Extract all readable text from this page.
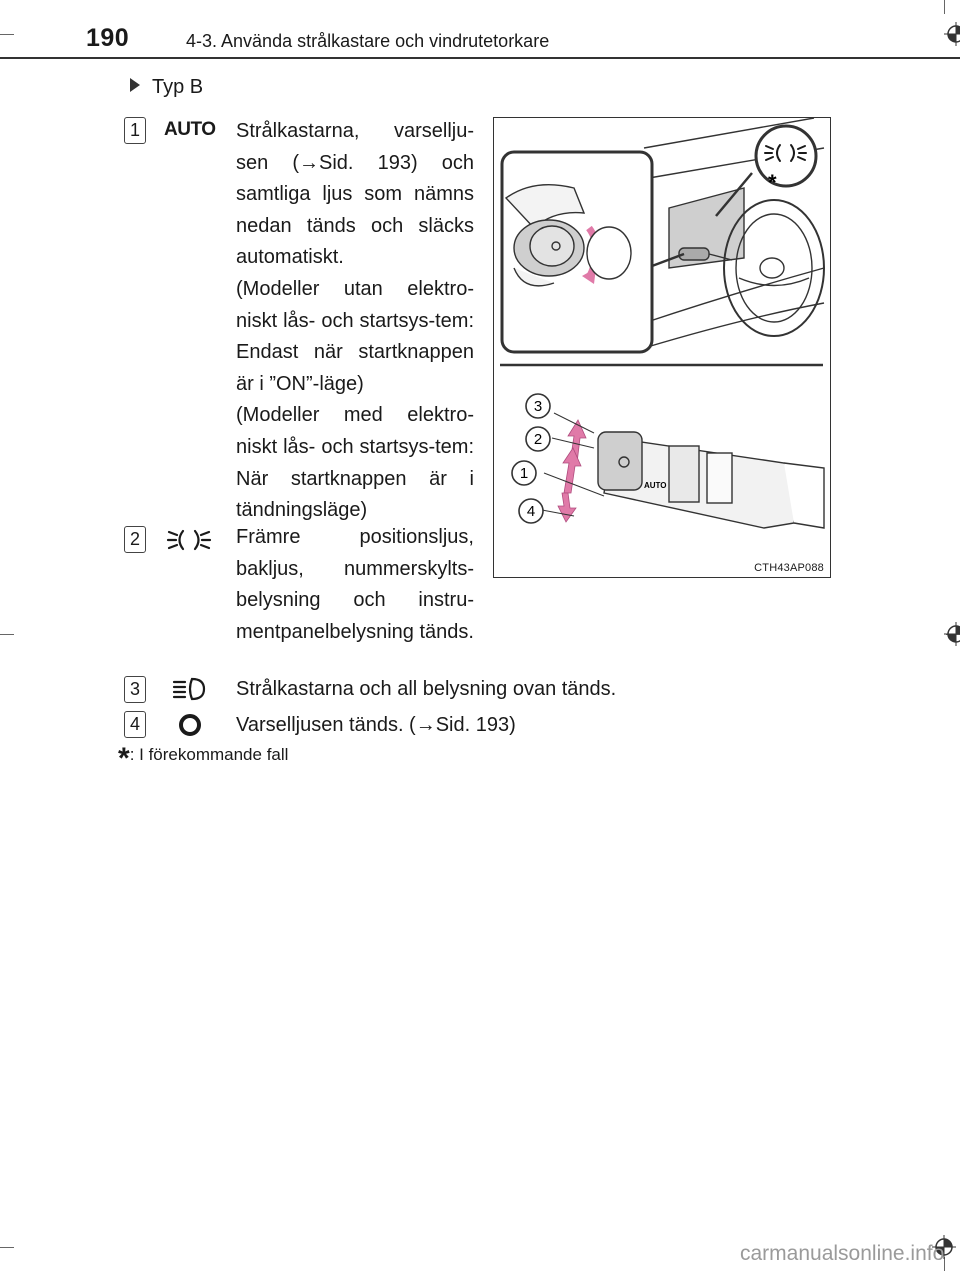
190	4-3. Använda strålkastare och vindrutetorkare
Typ B
1	AUTO Strålkastarna, varsellju-sen (→Sid. 193) och samtliga ljus som nämns nedan tänds och släcks automatiskt.

(Modeller utan elektro-niskt lås- och startsys-tem: Endast när startknappen är i ”ON”-läge)

(Modeller med elektro-niskt lås- och startsys-tem: När startknappen är i tändningsläge)

2	Främre positionsljus, bakljus, nummerskylts-belysning och instru-mentpanelbelysning tänds.

3	Strålkastarna och all belysning ovan tänds.
4	Varselljusen tänds. (→Sid. 193)
*: I förekommande fall
*
AUTO
3
2
1
4
CTH43AP088
carmanualsonline.info
